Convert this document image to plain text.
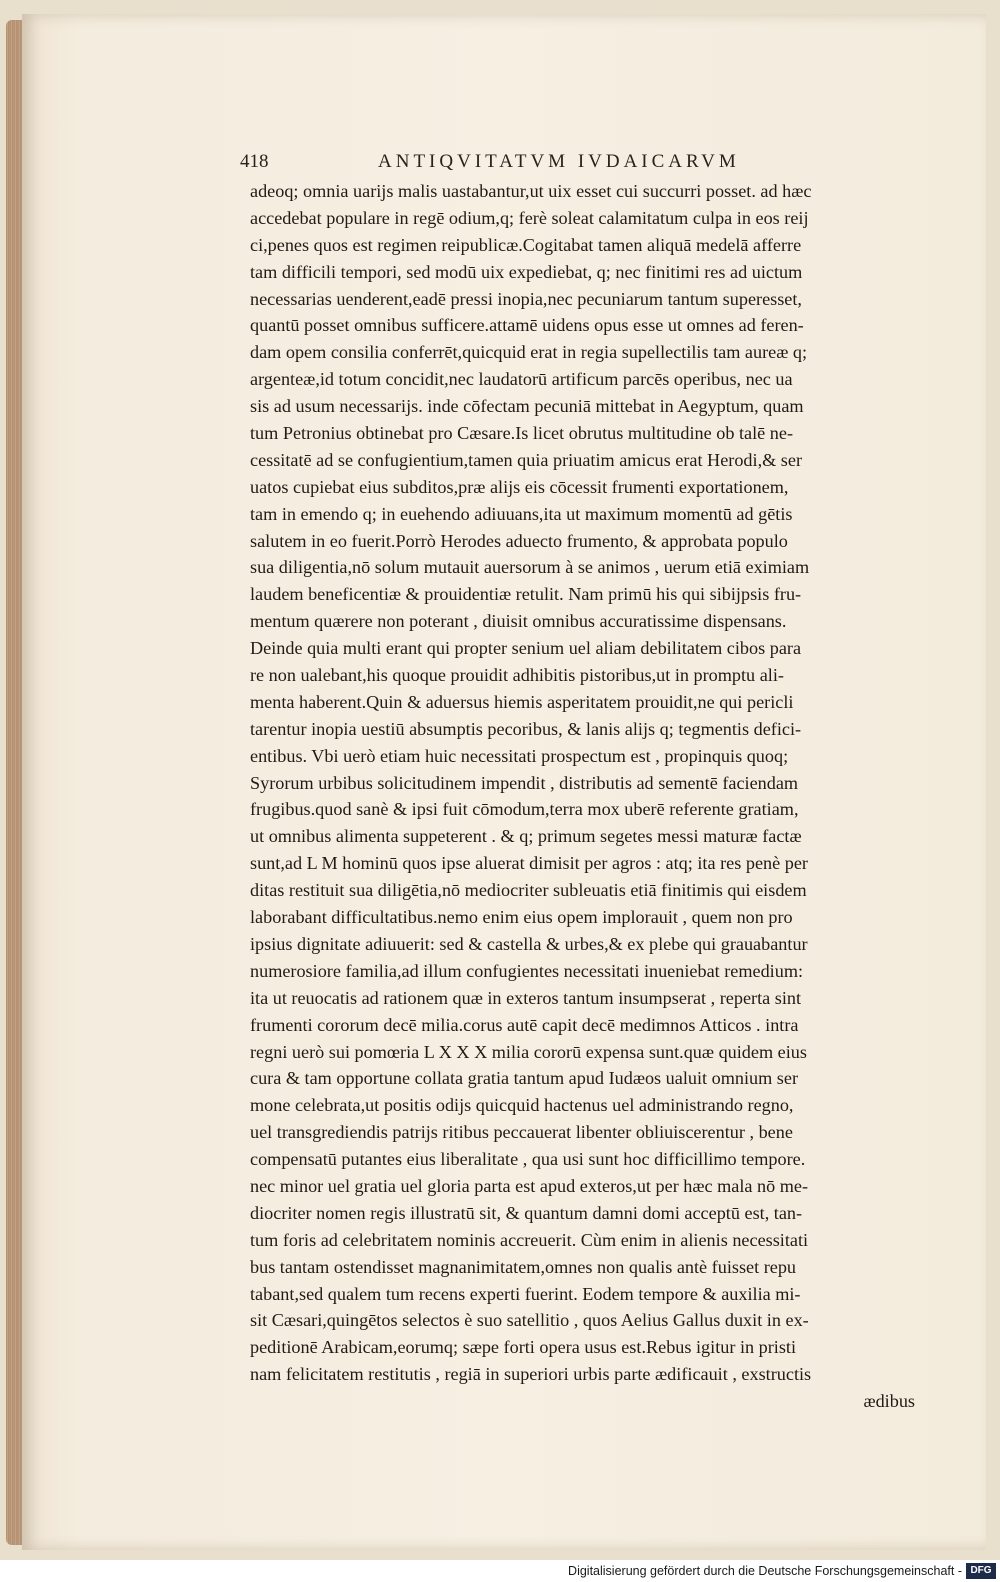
418	ANTIQVITATVM IVDAICARVM
adeoq; omnia uarijs malis uastabantur,ut uix esset cui succurri posset. ad hæc
accedebat populare in regē odium,q; ferè soleat calamitatum culpa in eos reij
ci,penes quos est regimen reipublicæ.Cogitabat tamen aliquā medelā afferre
tam difficili tempori, sed modū uix expediebat, q; nec finitimi res ad uictum
necessarias uenderent,eadē pressi inopia,nec pecuniarum tantum superesset,
quantū posset omnibus sufficere.attamē uidens opus esse ut omnes ad feren-
dam opem consilia conferrēt,quicquid erat in regia supellectilis tam aureæ q;
argenteæ,id totum concidit,nec laudatorū artificum parcēs operibus, nec ua
sis ad usum necessarijs. inde cōfectam pecuniā mittebat in Aegyptum, quam
tum Petronius obtinebat pro Cæsare.Is licet obrutus multitudine ob talē ne-
cessitatē ad se confugientium,tamen quia priuatim amicus erat Herodi,& ser
uatos cupiebat eius subditos,præ alijs eis cōcessit frumenti exportationem,
tam in emendo q; in euehendo adiuuans,ita ut maximum momentū ad gētis
salutem in eo fuerit.Porrò Herodes aduecto frumento, & approbata populo
sua diligentia,nō solum mutauit auersorum à se animos , uerum etiā eximiam
laudem beneficentiæ & prouidentiæ retulit. Nam primū his qui sibijpsis fru-
mentum quærere non poterant , diuisit omnibus accuratissime dispensans.
Deinde quia multi erant qui propter senium uel aliam debilitatem cibos para
re non ualebant,his quoque prouidit adhibitis pistoribus,ut in promptu ali-
menta haberent.Quin & aduersus hiemis asperitatem prouidit,ne qui pericli
tarentur inopia uestiū absumptis pecoribus, & lanis alijs q; tegmentis defici-
entibus. Vbi uerò etiam huic necessitati prospectum est , propinquis quoq;
Syrorum urbibus solicitudinem impendit , distributis ad sementē faciendam
frugibus.quod sanè & ipsi fuit cōmodum,terra mox uberē referente gratiam,
ut omnibus alimenta suppeterent . & q; primum segetes messi maturæ factæ
sunt,ad L M hominū quos ipse aluerat dimisit per agros : atq; ita res penè per
ditas restituit sua diligētia,nō mediocriter subleuatis etiā finitimis qui eisdem
laborabant difficultatibus.nemo enim eius opem implorauit , quem non pro
ipsius dignitate adiuuerit: sed & castella & urbes,& ex plebe qui grauabantur
numerosiore familia,ad illum confugientes necessitati inueniebat remedium:
ita ut reuocatis ad rationem quæ in exteros tantum insumpserat , reperta sint
frumenti cororum decē milia.corus autē capit decē medimnos Atticos . intra
regni uerò sui pomœria L X X X milia cororū expensa sunt.quæ quidem eius
cura & tam opportune collata gratia tantum apud Iudæos ualuit omnium ser
mone celebrata,ut positis odijs quicquid hactenus uel administrando regno,
uel transgrediendis patrijs ritibus peccauerat libenter obliuiscerentur , bene
compensatū putantes eius liberalitate , qua usi sunt hoc difficillimo tempore.
nec minor uel gratia uel gloria parta est apud exteros,ut per hæc mala nō me-
diocriter nomen regis illustratū sit, & quantum damni domi acceptū est, tan-
tum foris ad celebritatem nominis accreuerit. Cùm enim in alienis necessitati
bus tantam ostendisset magnanimitatem,omnes non qualis antè fuisset repu
tabant,sed qualem tum recens experti fuerint. Eodem tempore & auxilia mi-
sit Cæsari,quingētos selectos è suo satellitio , quos Aelius Gallus duxit in ex-
peditionē Arabicam,eorumq; sæpe forti opera usus est.Rebus igitur in pristi
nam felicitatem restitutis , regiā in superiori urbis parte ædificauit , exstructis
ædibus
Digitalisierung gefördert durch die Deutsche Forschungsgemeinschaft - DFG
